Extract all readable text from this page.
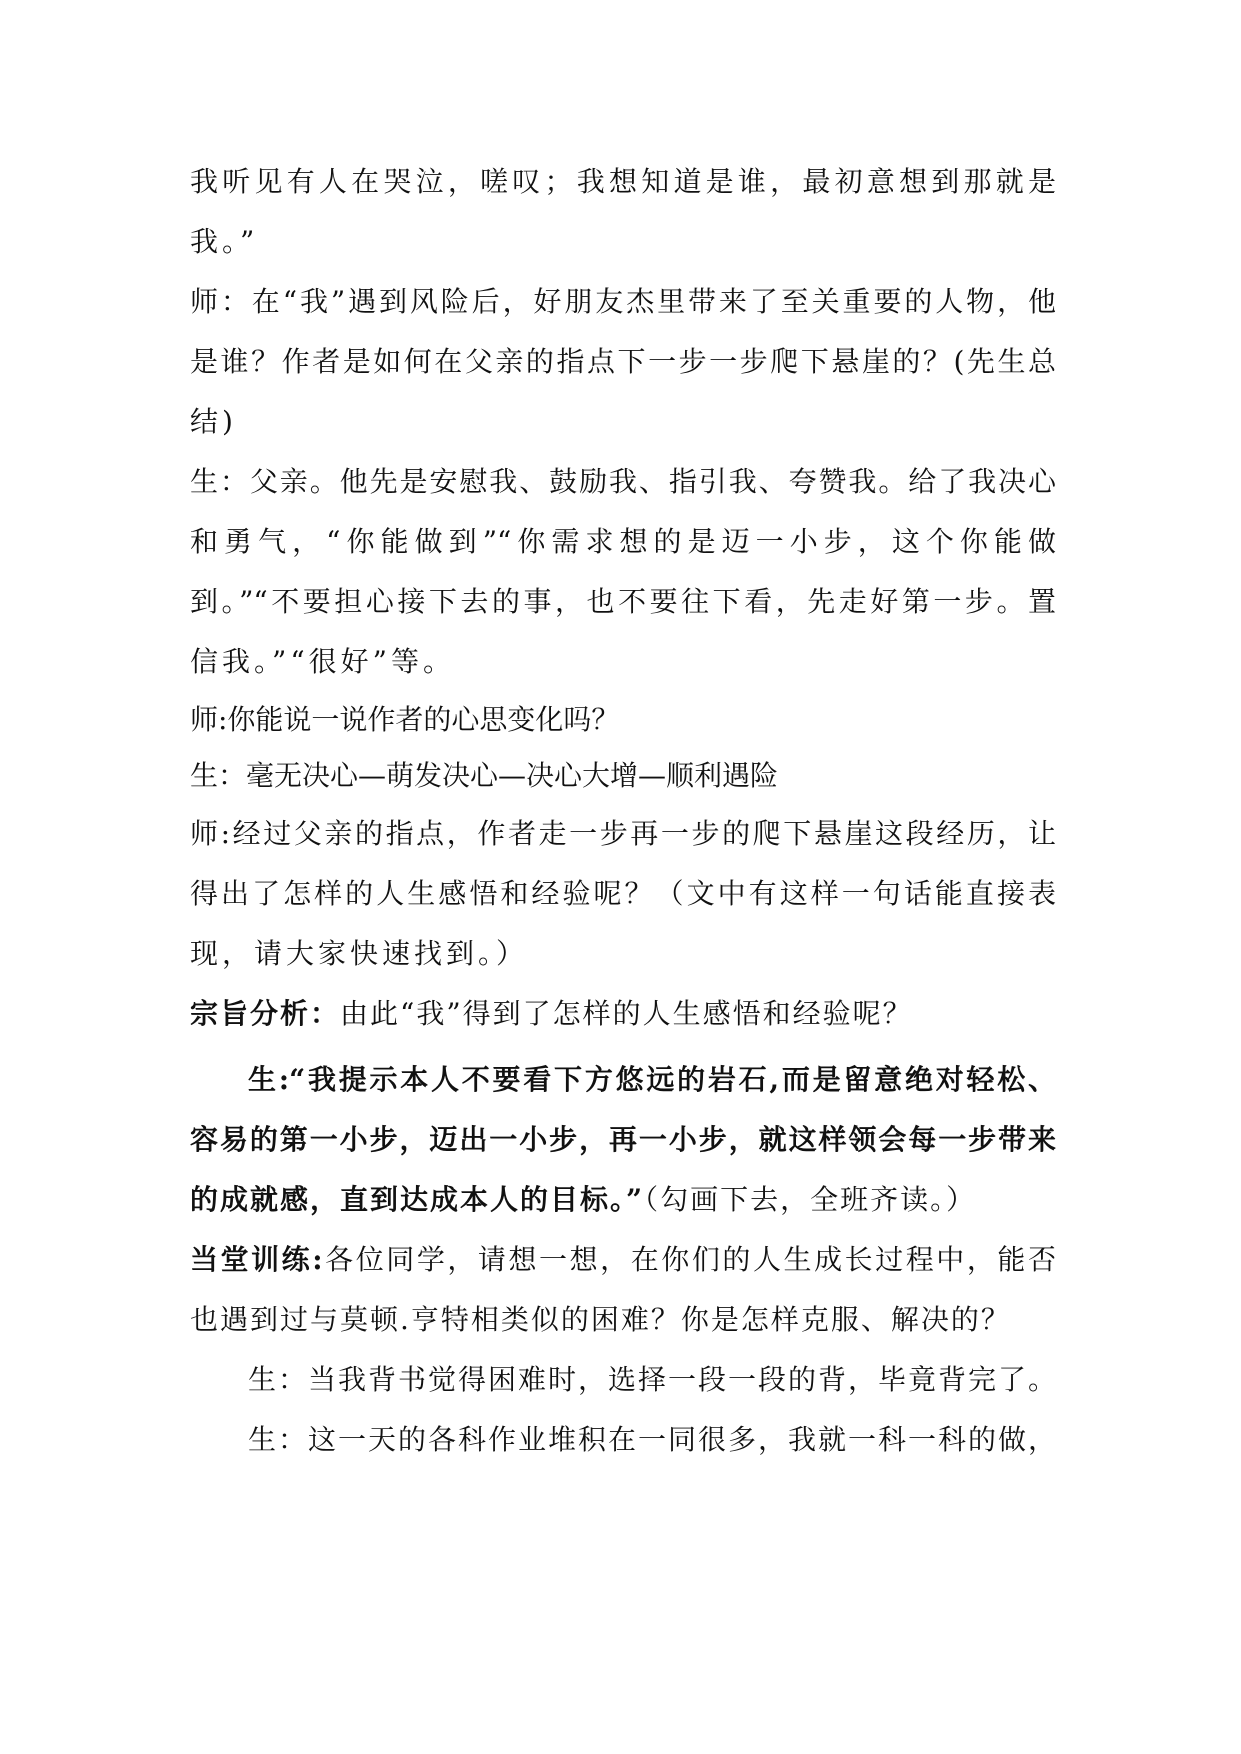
我听见有人在哭泣，嗟叹；我想知道是谁，最初意想到那就是
我。”
师：在“我”遇到风险后，好朋友杰里带来了至关重要的人物，他
是谁？作者是如何在父亲的指点下一步一步爬下悬崖的？(先生总
结)
生：父亲。他先是安慰我、鼓励我、指引我、夸赞我。给了我决心
和勇气，“你能做到”“你需求想的是迈一小步，这个你能做
到。”“不要担心接下去的事，也不要往下看，先走好第一步。置
信我。”“很好”等。
师:你能说一说作者的心思变化吗？
生：毫无决心—萌发决心—决心大增—顺利遇险
师:经过父亲的指点，作者走一步再一步的爬下悬崖这段经历，让
得出了怎样的人生感悟和经验呢？（文中有这样一句话能直接表
现，请大家快速找到。）
宗旨分析：由此“我”得到了怎样的人生感悟和经验呢？
生:“我提示本人不要看下方悠远的岩石,而是留意绝对轻松、
容易的第一小步，迈出一小步，再一小步，就这样领会每一步带来
的成就感，直到达成本人的目标。”（勾画下去，全班齐读。）
当堂训练:各位同学，请想一想，在你们的人生成长过程中，能否
也遇到过与莫顿.亨特相类似的困难？你是怎样克服、解决的？
生：当我背书觉得困难时，选择一段一段的背，毕竟背完了。
生：这一天的各科作业堆积在一同很多，我就一科一科的做，
